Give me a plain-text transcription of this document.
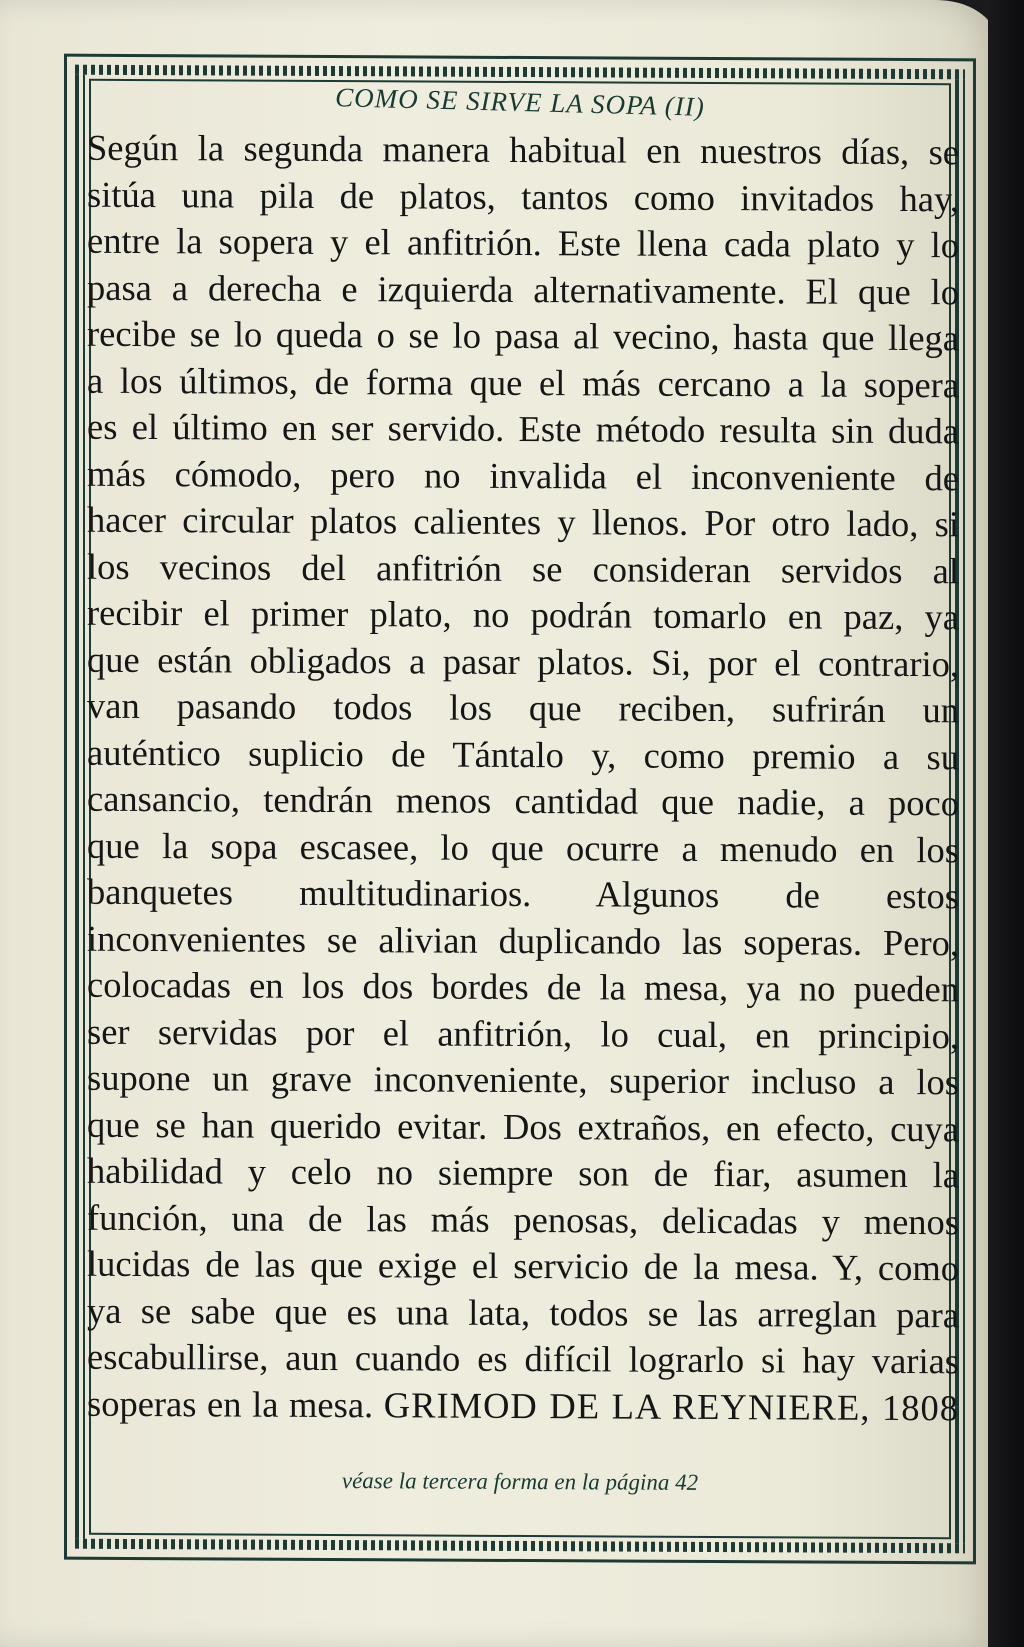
COMO SE SIRVE LA SOPA (II)
Según la segunda manera habitual en nuestros días, se
sitúa una pila de platos, tantos como invitados hay,
entre la sopera y el anfitrión. Este llena cada plato y lo
pasa a derecha e izquierda alternativamente. El que lo
recibe se lo queda o se lo pasa al vecino, hasta que llega
a los últimos, de forma que el más cercano a la sopera
es el último en ser servido. Este método resulta sin duda
más cómodo, pero no invalida el inconveniente de
hacer circular platos calientes y llenos. Por otro lado, si
los vecinos del anfitrión se consideran servidos al
recibir el primer plato, no podrán tomarlo en paz, ya
que están obligados a pasar platos. Si, por el contrario,
van pasando todos los que reciben, sufrirán un
auténtico suplicio de Tántalo y, como premio a su
cansancio, tendrán menos cantidad que nadie, a poco
que la sopa escasee, lo que ocurre a menudo en los
banquetes multitudinarios. Algunos de estos
inconvenientes se alivian duplicando las soperas. Pero,
colocadas en los dos bordes de la mesa, ya no pueden
ser servidas por el anfitrión, lo cual, en principio,
supone un grave inconveniente, superior incluso a los
que se han querido evitar. Dos extraños, en efecto, cuya
habilidad y celo no siempre son de fiar, asumen la
función, una de las más penosas, delicadas y menos
lucidas de las que exige el servicio de la mesa. Y, como
ya se sabe que es una lata, todos se las arreglan para
escabullirse, aun cuando es difícil lograrlo si hay varias
soperas en la mesa. GRIMOD DE LA REYNIERE, 1808
véase la tercera forma en la página 42
